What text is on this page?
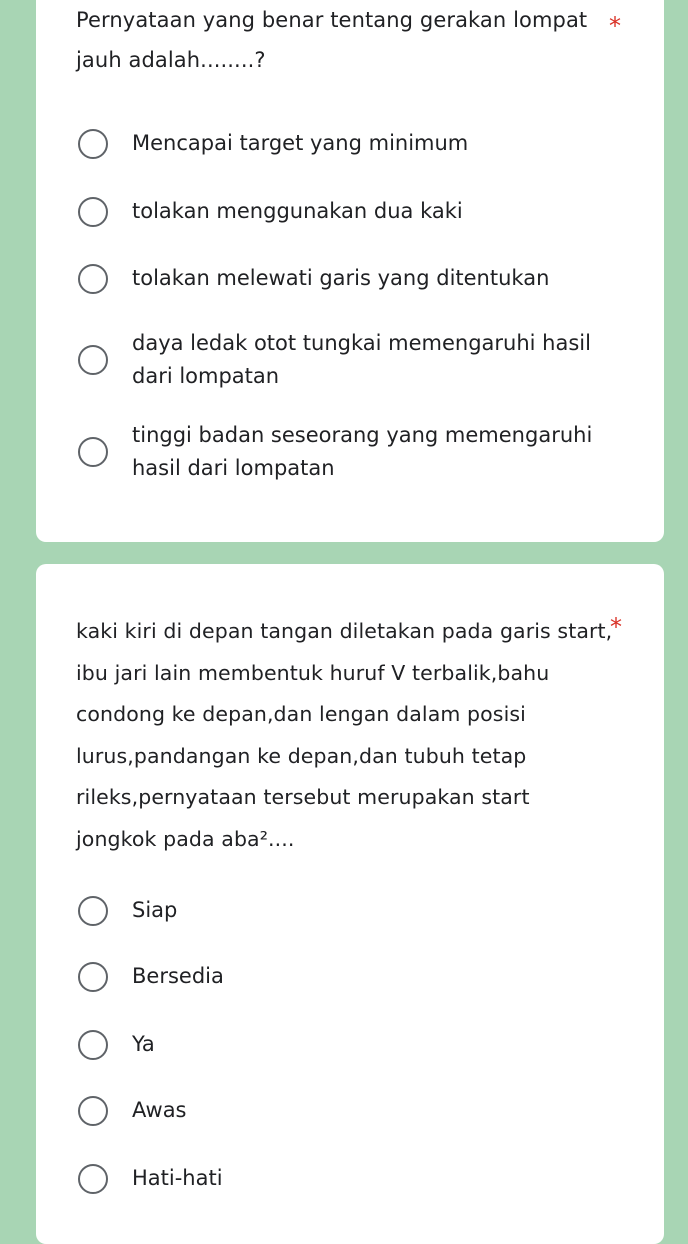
Pernyataan yang benar tentang gerakan lompat jauh adalah........?
*
Mencapai target yang minimum
tolakan menggunakan dua kaki
tolakan melewati garis yang ditentukan
daya ledak otot tungkai memengaruhi hasil dari lompatan
tinggi badan seseorang yang memengaruhi hasil dari lompatan
kaki kiri di depan tangan diletakan pada garis start, ibu jari lain membentuk huruf V terbalik,bahu condong ke depan,dan lengan dalam posisi lurus,pandangan ke depan,dan tubuh tetap rileks,pernyataan tersebut merupakan start jongkok pada aba²....
*
Siap
Bersedia
Ya
Awas
Hati-hati
